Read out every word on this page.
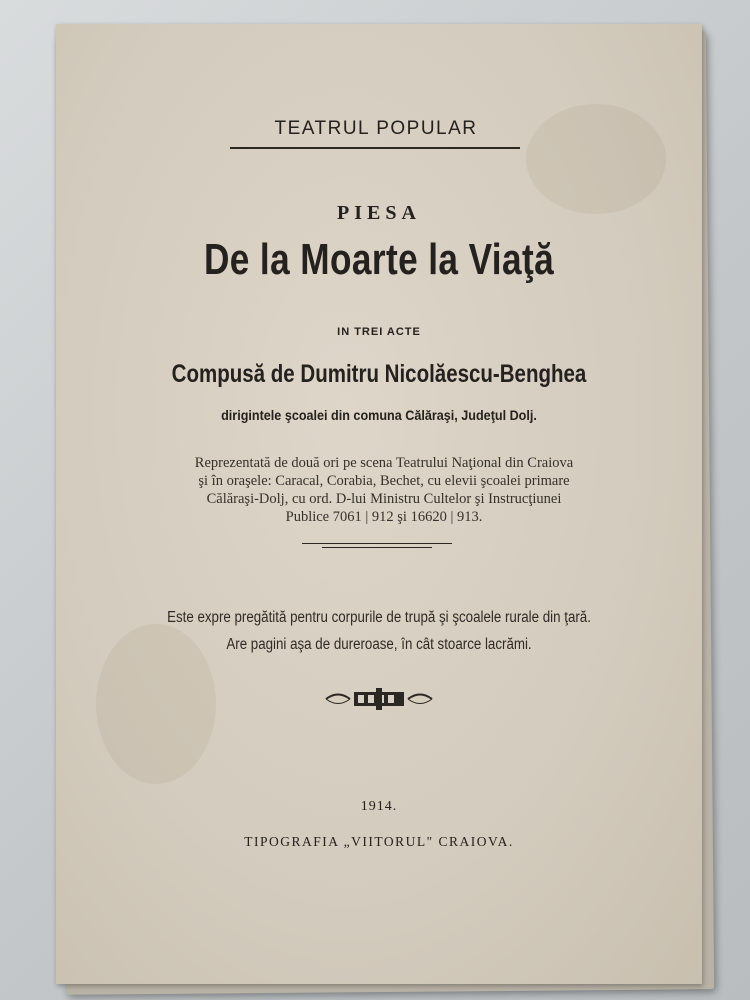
TEATRUL POPULAR
PIESA
De la Moarte la Viaţă
IN TREI ACTE
Compusă de Dumitru Nicolăescu-Benghea
dirigintele şcoalei din comuna Călăraşi, Judeţul Dolj.
Reprezentată de două ori pe scena Teatrului Naţional din Craiova
şi în oraşele: Caracal, Corabia, Bechet, cu elevii şcoalei primare
Călăraşi-Dolj, cu ord. D-lui Ministru Cultelor şi Instrucţiunei
Publice 7061 | 912 şi 16620 | 913.
Este expre pregătită pentru corpurile de trupă şi şcoalele rurale din ţară.
Are pagini aşa de dureroase, în cât stoarce lacrămi.
1914.
TIPOGRAFIA „VIITORUL" CRAIOVA.
